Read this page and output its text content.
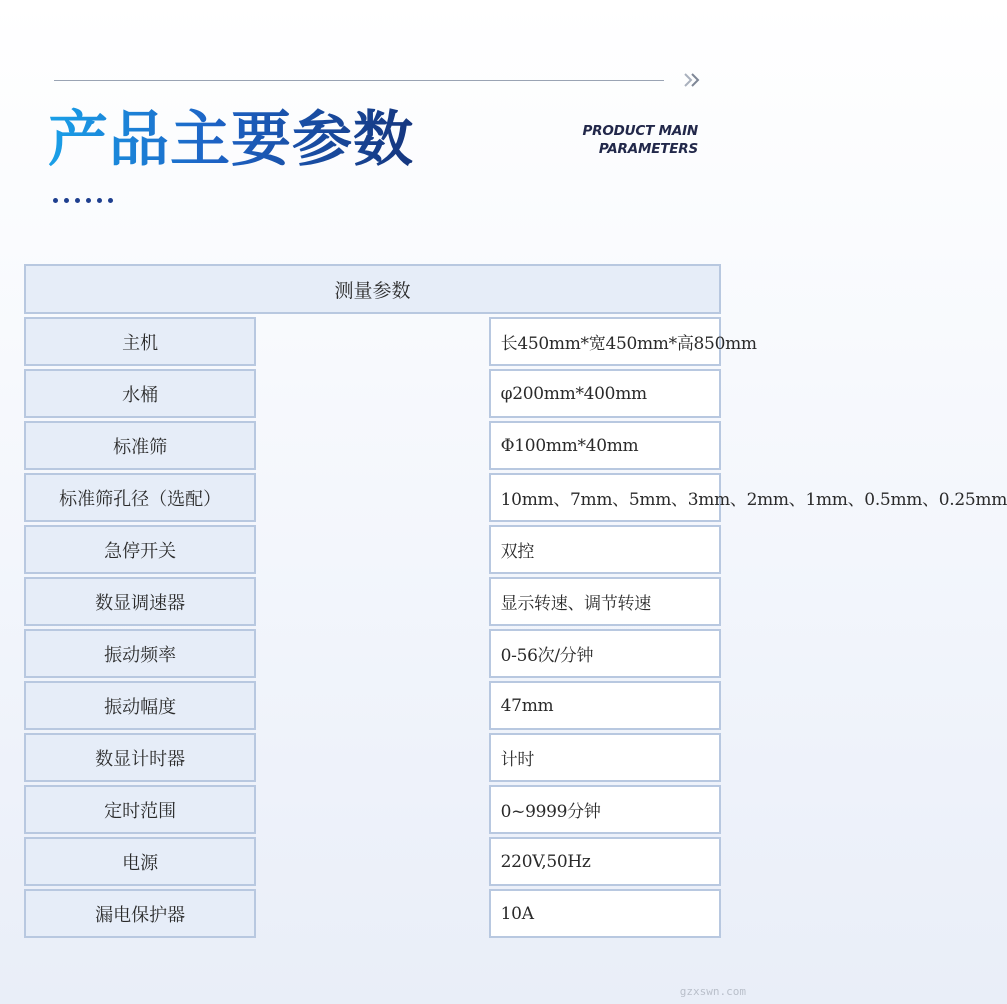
产品主要参数	PRODUCT MAIN
PARAMETERS
测量参数		
主机		长450mm*宽450mm*高850mm
水桶		φ200mm*400mm
标准筛		Φ100mm*40mm
标准筛孔径（选配）		10mm、7mm、5mm、3mm、2mm、1mm、0.5mm、0.25mm
急停开关		双控
数显调速器		显示转速、调节转速
振动频率		0-56次/分钟
振动幅度		47mm
数显计时器		计时
定时范围		0~9999分钟
电源		220V,50Hz
漏电保护器		10A
gzxswn.com
